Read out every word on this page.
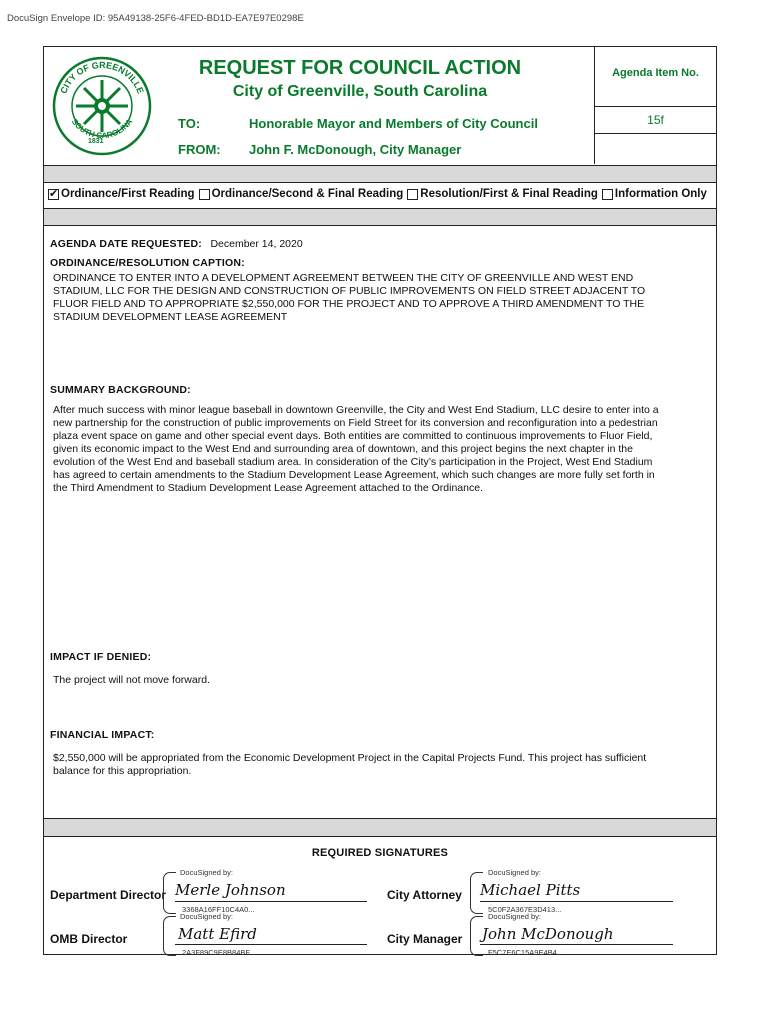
DocuSign Envelope ID: 95A49138-25F6-4FED-BD1D-EA7E97E0298E
CITY OF GREENVILLE
SOUTH CAROLINA
1831
REQUEST FOR COUNCIL ACTION
City of Greenville, South Carolina
TO:	Honorable Mayor and Members of City Council
FROM: John F. McDonough, City Manager
Agenda Item No.
15f
✔
Ordinance/First Reading Ordinance/Second & Final Reading Resolution/First & Final Reading Information Only
AGENDA DATE REQUESTED: December 14, 2020
ORDINANCE/RESOLUTION CAPTION:
ORDINANCE TO ENTER INTO A DEVELOPMENT AGREEMENT BETWEEN THE CITY OF GREENVILLE AND WEST END
STADIUM, LLC FOR THE DESIGN AND CONSTRUCTION OF PUBLIC IMPROVEMENTS ON FIELD STREET ADJACENT TO
FLUOR FIELD AND TO APPROPRIATE $2,550,000 FOR THE PROJECT AND TO APPROVE A THIRD AMENDMENT TO THE
STADIUM DEVELOPMENT LEASE AGREEMENT
SUMMARY BACKGROUND:
After much success with minor league baseball in downtown Greenville, the City and West End Stadium, LLC desire to enter into a
new partnership for the construction of public improvements on Field Street for its conversion and reconfiguration into a pedestrian
plaza event space on game and other special event days. Both entities are committed to continuous improvements to Fluor Field,
given its economic impact to the West End and surrounding area of downtown, and this project begins the next chapter in the
evolution of the West End and baseball stadium area. In consideration of the City’s participation in the Project, West End Stadium
has agreed to certain amendments to the Stadium Development Lease Agreement, which such changes are more fully set forth in
the Third Amendment to Stadium Development Lease Agreement attached to the Ordinance.
IMPACT IF DENIED:
The project will not move forward.
FINANCIAL IMPACT:
$2,550,000 will be appropriated from the Economic Development Project in the Capital Projects Fund. This project has sufficient
balance for this appropriation.
REQUIRED SIGNATURES
Department Director
DocuSigned by:
Merle Johnson
3368A16FF10C4A0...
City Attorney
DocuSigned by:
Michael Pitts
5C0F2A367E3D413...
OMB Director
DocuSigned by:
Matt Efird
2A3F89C9E8B84BF...
City Manager
DocuSigned by:
John McDonough
F5C7E6C15A9E4B4...
